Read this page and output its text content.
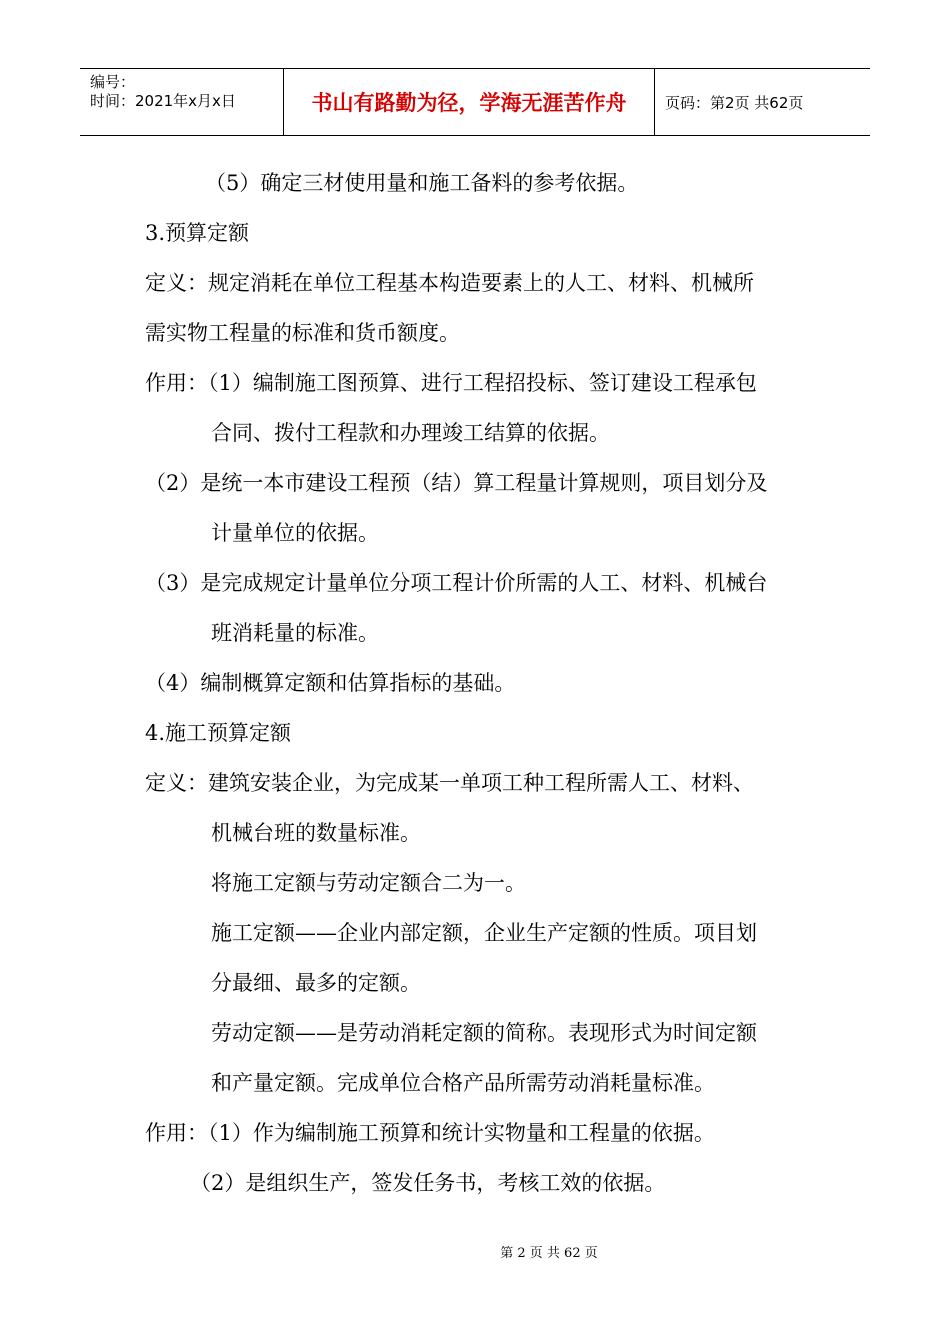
编号：
时间：2021年x月x日	书山有路勤为径，学海无涯苦作舟	页码：第2页 共62页
（5）确定三材使用量和施工备料的参考依据。
3.预算定额
定义：规定消耗在单位工程基本构造要素上的人工、材料、机械所
需实物工程量的标准和货币额度。
作用：（1）编制施工图预算、进行工程招投标、签订建设工程承包
合同、拨付工程款和办理竣工结算的依据。
（2）是统一本市建设工程预（结）算工程量计算规则，项目划分及
计量单位的依据。
（3）是完成规定计量单位分项工程计价所需的人工、材料、机械台
班消耗量的标准。
（4）编制概算定额和估算指标的基础。
4.施工预算定额
定义：建筑安装企业，为完成某一单项工种工程所需人工、材料、
机械台班的数量标准。
将施工定额与劳动定额合二为一。
施工定额——企业内部定额，企业生产定额的性质。项目划
分最细、最多的定额。
劳动定额——是劳动消耗定额的简称。表现形式为时间定额
和产量定额。完成单位合格产品所需劳动消耗量标准。
作用：（1）作为编制施工预算和统计实物量和工程量的依据。
（2）是组织生产，签发任务书，考核工效的依据。
第 2 页 共 62 页
